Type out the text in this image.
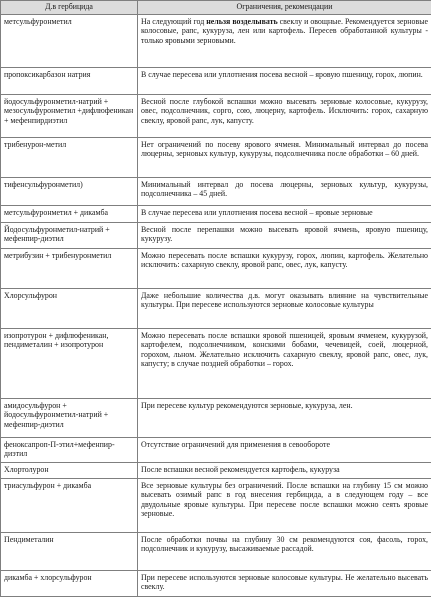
Д.в гербицида	Ограничения, рекомендации
метсульфуронметил	На следующий год нельзя возделывать свеклу и овощные. Рекомендуется зерновые колосовые, рапс, кукуруза, лен или картофель. Пересев обработанной культуры - только яровыми зерновыми.
пропоксикарбазон натрия	В случае пересева или уплотнения посева весной – яровую пшеницу, горох, люпин.
йодосульфуронметил-натрий + мезосульфуронметил +дифлюфеникан + мефенпирдиэтил	Весной после глубокой вспашки можно высевать зерновые колосовые, кукурузу, овес, подсолнечник, сорго, сою, люцерну, картофель. Исключить: горох, сахарную свеклу, яровой рапс, лук, капусту.
трибенурон-метил	Нет ограничений по посеву ярового ячменя. Минимальный интервал до посева люцерны, зерновых культур, кукурузы, подсолнечника после обработки – 60 дней.
тифенсульфуронметил)	Минимальный интервал до посева люцерны, зерновых культур, кукурузы, подсолнечника – 45 дней.
метсульфуронметил + дикамба	В случае пересева или уплотнения посева весной – яровые зерновые
Йодосульфуронметил-натрий + мефенпир-диэтил	Весной после перепашки можно высевать яровой ячмень, яровую пшеницу, кукурузу.
метрибузин + трибенуронметил	Можно пересевать после вспашки кукурузу, горох, люпин, картофель. Желательно исключить: сахарную свеклу, яровой рапс, овес, лук, капусту.
Хлорсульфурон	Даже небольшие количества д.в. могут оказывать влияние на чувствительные культуры. При пересеве используются зерновые колосовые культуры
изопротурон + дифлюфеникан, пендиметалин + изопротурон	Можно пересевать после вспашки яровой пшеницей, яровым ячменем, кукурузой, картофелем, подсолнечником, конскими бобами, чечевицей, соей, люцерной, горохом, льном. Желательно исключить сахарную свеклу, яровой рапс, овес, лук, капусту; в случае поздней обработки – горох.
амидосульфурон + йодосульфуронметил-натрий + мефенпир-диэтил	При пересеве культур рекомендуются зерновые, кукуруза, лен.
феноксапроп-П-этил+мефенпир-диэтил	Отсутствие ограничений для применения в севообороте
Хлортолурон	После вспашки весной рекомендуется картофель, кукуруза
триасульфурон + дикамба	Все зерновые культуры без ограничений. После вспашки на глубину 15 см можно высевать озимый рапс в год внесения гербицида, а в следующем году – все двудольные яровые культуры. При пересеве после вспашки можно сеять яровые зерновые.
Пендиметалин	После обработки почвы на глубину 30 см рекомендуются соя, фасоль, горох, подсолнечник и кукурузу, высаживаемые рассадой.
дикамба + хлорсульфурон	При пересеве используются зерновые колосовые культуры. Не желательно высевать свеклу.
